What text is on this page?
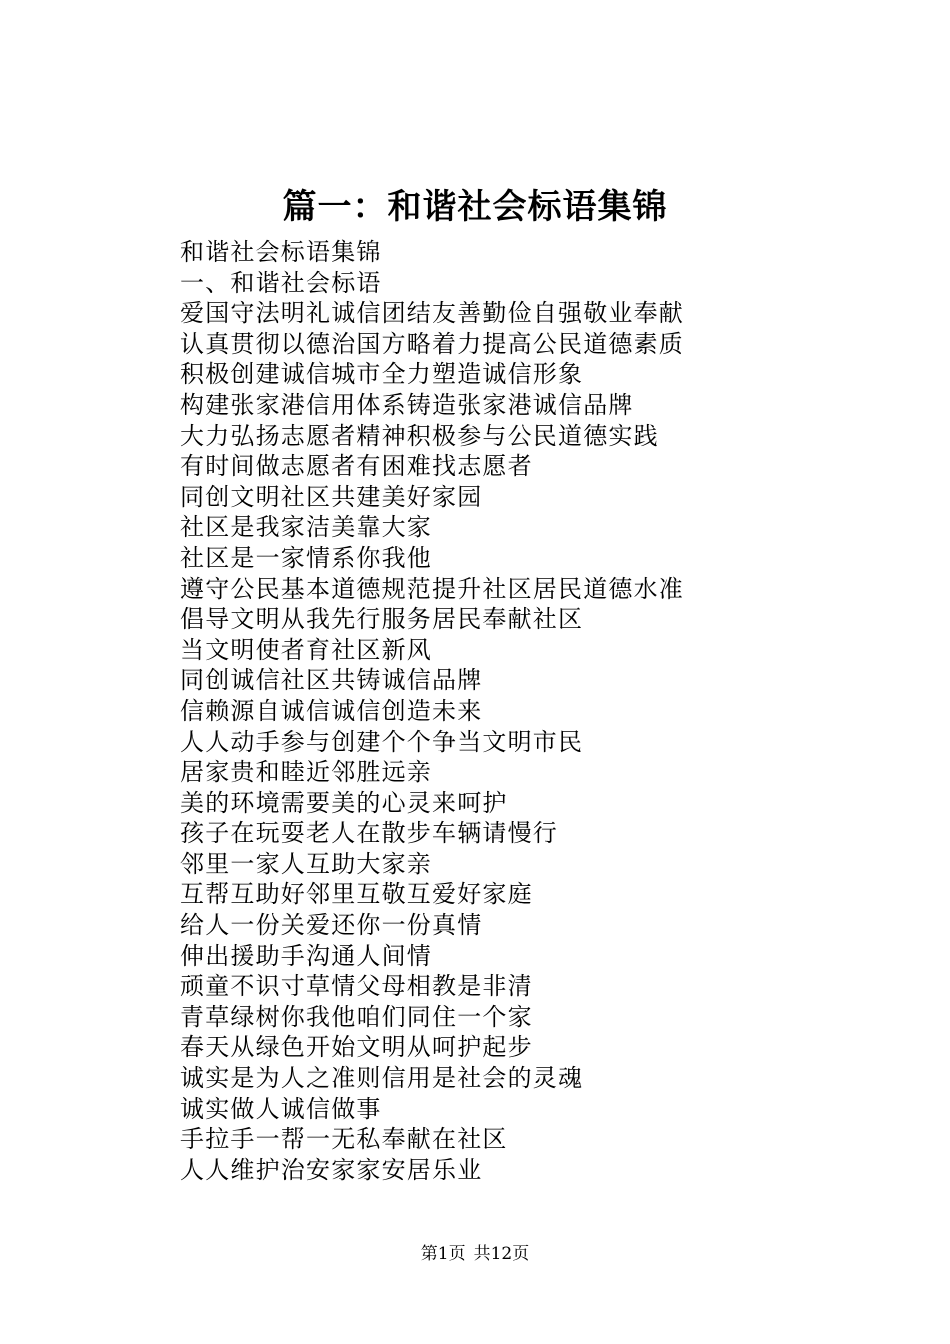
篇一：和谐社会标语集锦
和谐社会标语集锦
一、和谐社会标语
爱国守法明礼诚信团结友善勤俭自强敬业奉献
认真贯彻以德治国方略着力提高公民道德素质
积极创建诚信城市全力塑造诚信形象
构建张家港信用体系铸造张家港诚信品牌
大力弘扬志愿者精神积极参与公民道德实践
有时间做志愿者有困难找志愿者
同创文明社区共建美好家园
社区是我家洁美靠大家
社区是一家情系你我他
遵守公民基本道德规范提升社区居民道德水准
倡导文明从我先行服务居民奉献社区
当文明使者育社区新风
同创诚信社区共铸诚信品牌
信赖源自诚信诚信创造未来
人人动手参与创建个个争当文明市民
居家贵和睦近邻胜远亲
美的环境需要美的心灵来呵护
孩子在玩耍老人在散步车辆请慢行
邻里一家人互助大家亲
互帮互助好邻里互敬互爱好家庭
给人一份关爱还你一份真情
伸出援助手沟通人间情
顽童不识寸草情父母相教是非清
青草绿树你我他咱们同住一个家
春天从绿色开始文明从呵护起步
诚实是为人之准则信用是社会的灵魂
诚实做人诚信做事
手拉手一帮一无私奉献在社区
人人维护治安家家安居乐业
第1页 共12页
